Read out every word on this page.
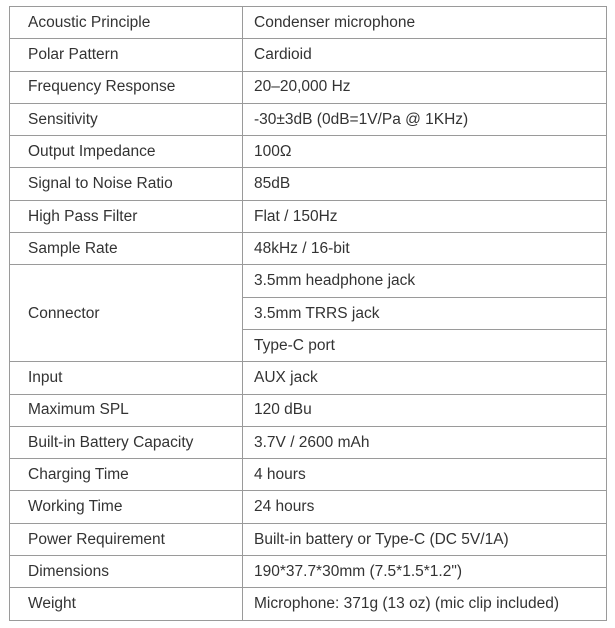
Acoustic Principle	Condenser microphone
Polar Pattern	Cardioid
Frequency Response	20–20,000 Hz
Sensitivity	-30±3dB (0dB=1V/Pa @ 1KHz)
Output Impedance	100Ω
Signal to Noise Ratio	85dB
High Pass Filter	Flat / 150Hz
Sample Rate	48kHz / 16-bit
Connector	3.5mm headphone jack
	3.5mm TRRS jack
	Type-C port
Input	AUX jack
Maximum SPL	120 dBu
Built-in Battery Capacity	3.7V / 2600 mAh
Charging Time	4 hours
Working Time	24 hours
Power Requirement	Built-in battery or Type-C (DC 5V/1A)
Dimensions	190*37.7*30mm (7.5*1.5*1.2")
Weight	Microphone: 371g (13 oz) (mic clip included)
